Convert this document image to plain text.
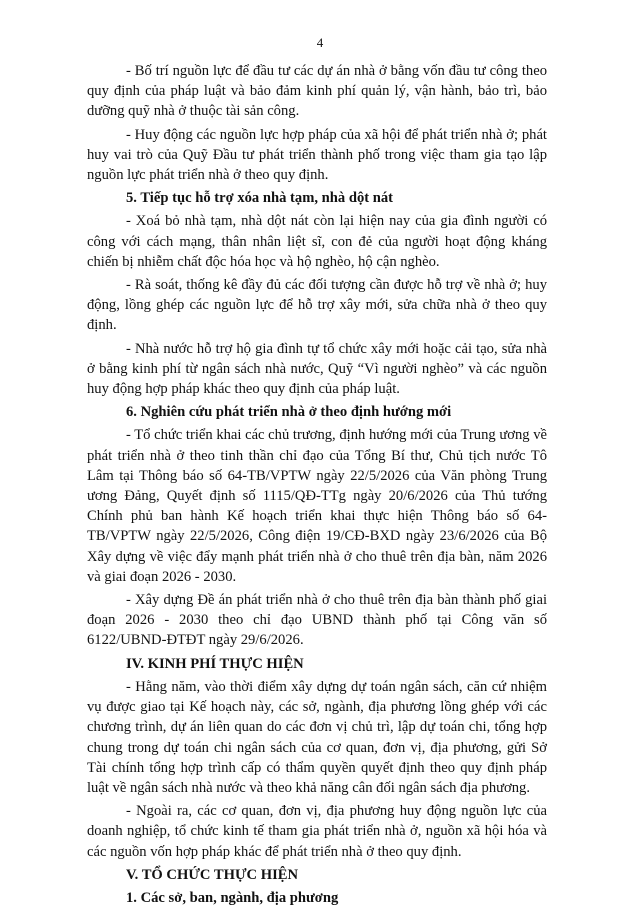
4

- Bố trí nguồn lực để đầu tư các dự án nhà ở bằng vốn đầu tư công theo quy định của pháp luật và bảo đảm kinh phí quản lý, vận hành, bảo trì, bảo dưỡng quỹ nhà ở thuộc tài sản công.

- Huy động các nguồn lực hợp pháp của xã hội để phát triển nhà ở; phát huy vai trò của Quỹ Đầu tư phát triển thành phố trong việc tham gia tạo lập nguồn lực phát triển nhà ở theo quy định.

5. Tiếp tục hỗ trợ xóa nhà tạm, nhà dột nát

- Xoá bỏ nhà tạm, nhà dột nát còn lại hiện nay của gia đình người có công với cách mạng, thân nhân liệt sĩ, con đẻ của người hoạt động kháng chiến bị nhiễm chất độc hóa học và hộ nghèo, hộ cận nghèo.

- Rà soát, thống kê đầy đủ các đối tượng cần được hỗ trợ về nhà ở; huy động, lồng ghép các nguồn lực để hỗ trợ xây mới, sửa chữa nhà ở theo quy định.

- Nhà nước hỗ trợ hộ gia đình tự tổ chức xây mới hoặc cải tạo, sửa nhà ở bằng kinh phí từ ngân sách nhà nước, Quỹ “Vì người nghèo” và các nguồn huy động hợp pháp khác theo quy định của pháp luật.

6. Nghiên cứu phát triển nhà ở theo định hướng mới

- Tổ chức triển khai các chủ trương, định hướng mới của Trung ương về phát triển nhà ở theo tinh thần chỉ đạo của Tổng Bí thư, Chủ tịch nước Tô Lâm tại Thông báo số 64-TB/VPTW ngày 22/5/2026 của Văn phòng Trung ương Đảng, Quyết định số 1115/QĐ-TTg ngày 20/6/2026 của Thủ tướng Chính phủ ban hành Kế hoạch triển khai thực hiện Thông báo số 64-TB/VPTW ngày 22/5/2026, Công điện 19/CĐ-BXD ngày 23/6/2026 của Bộ Xây dựng về việc đẩy mạnh phát triển nhà ở cho thuê trên địa bàn, năm 2026 và giai đoạn 2026 - 2030.

- Xây dựng Đề án phát triển nhà ở cho thuê trên địa bàn thành phố giai đoạn 2026 - 2030 theo chỉ đạo UBND thành phố tại Công văn số 6122/UBND-ĐTĐT ngày 29/6/2026.

IV. KINH PHÍ THỰC HIỆN

- Hằng năm, vào thời điểm xây dựng dự toán ngân sách, căn cứ nhiệm vụ được giao tại Kế hoạch này, các sở, ngành, địa phương lồng ghép với các chương trình, dự án liên quan do các đơn vị chủ trì, lập dự toán chi, tổng hợp chung trong dự toán chi ngân sách của cơ quan, đơn vị, địa phương, gửi Sở Tài chính tổng hợp trình cấp có thẩm quyền quyết định theo quy định pháp luật về ngân sách nhà nước và theo khả năng cân đối ngân sách địa phương.

- Ngoài ra, các cơ quan, đơn vị, địa phương huy động nguồn lực của doanh nghiệp, tổ chức kinh tế tham gia phát triển nhà ở, nguồn xã hội hóa và các nguồn vốn hợp pháp khác để phát triển nhà ở theo quy định.

V. TỔ CHỨC THỰC HIỆN

1. Các sở, ban, ngành, địa phương
